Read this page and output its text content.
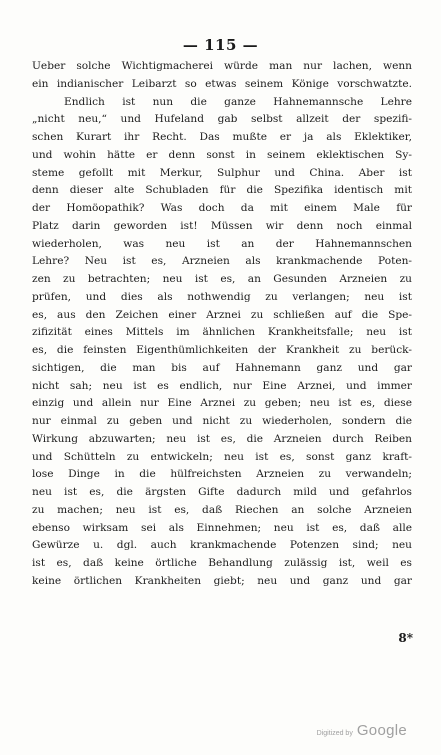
— 115 —
Ueber solche Wichtigmacherei würde man nur lachen, wenn
ein indianischer Leibarzt so etwas seinem Könige vorschwatzte.
Endlich ist nun die ganze Hahnemannsche Lehre
„nicht neu,“ und Hufeland gab selbst allzeit der spezifi-
schen Kurart ihr Recht. Das mußte er ja als Eklektiker,
und wohin hätte er denn sonst in seinem eklektischen Sy-
steme gefollt mit Merkur, Sulphur und China. Aber ist
denn dieser alte Schubladen für die Spezifika identisch mit
der Homöopathik? Was doch da mit einem Male für
Platz darin geworden ist! Müssen wir denn noch einmal
wiederholen, was neu ist an der Hahnemannschen
Lehre? Neu ist es, Arzneien als krankmachende Poten-
zen zu betrachten; neu ist es, an Gesunden Arzneien zu
prüfen, und dies als nothwendig zu verlangen; neu ist
es, aus den Zeichen einer Arznei zu schließen auf die Spe-
zifizität eines Mittels im ähnlichen Krankheitsfalle; neu ist
es, die feinsten Eigenthümlichkeiten der Krankheit zu berück-
sichtigen, die man bis auf Hahnemann ganz und gar
nicht sah; neu ist es endlich, nur Eine Arznei, und immer
einzig und allein nur Eine Arznei zu geben; neu ist es, diese
nur einmal zu geben und nicht zu wiederholen, sondern die
Wirkung abzuwarten; neu ist es, die Arzneien durch Reiben
und Schütteln zu entwickeln; neu ist es, sonst ganz kraft-
lose Dinge in die hülfreichsten Arzneien zu verwandeln;
neu ist es, die ärgsten Gifte dadurch mild und gefahrlos
zu machen; neu ist es, daß Riechen an solche Arzneien
ebenso wirksam sei als Einnehmen; neu ist es, daß alle
Gewürze u. dgl. auch krankmachende Potenzen sind; neu
ist es, daß keine örtliche Behandlung zulässig ist, weil es
keine örtlichen Krankheiten giebt; neu und ganz und gar
8*
Digitized by Google
